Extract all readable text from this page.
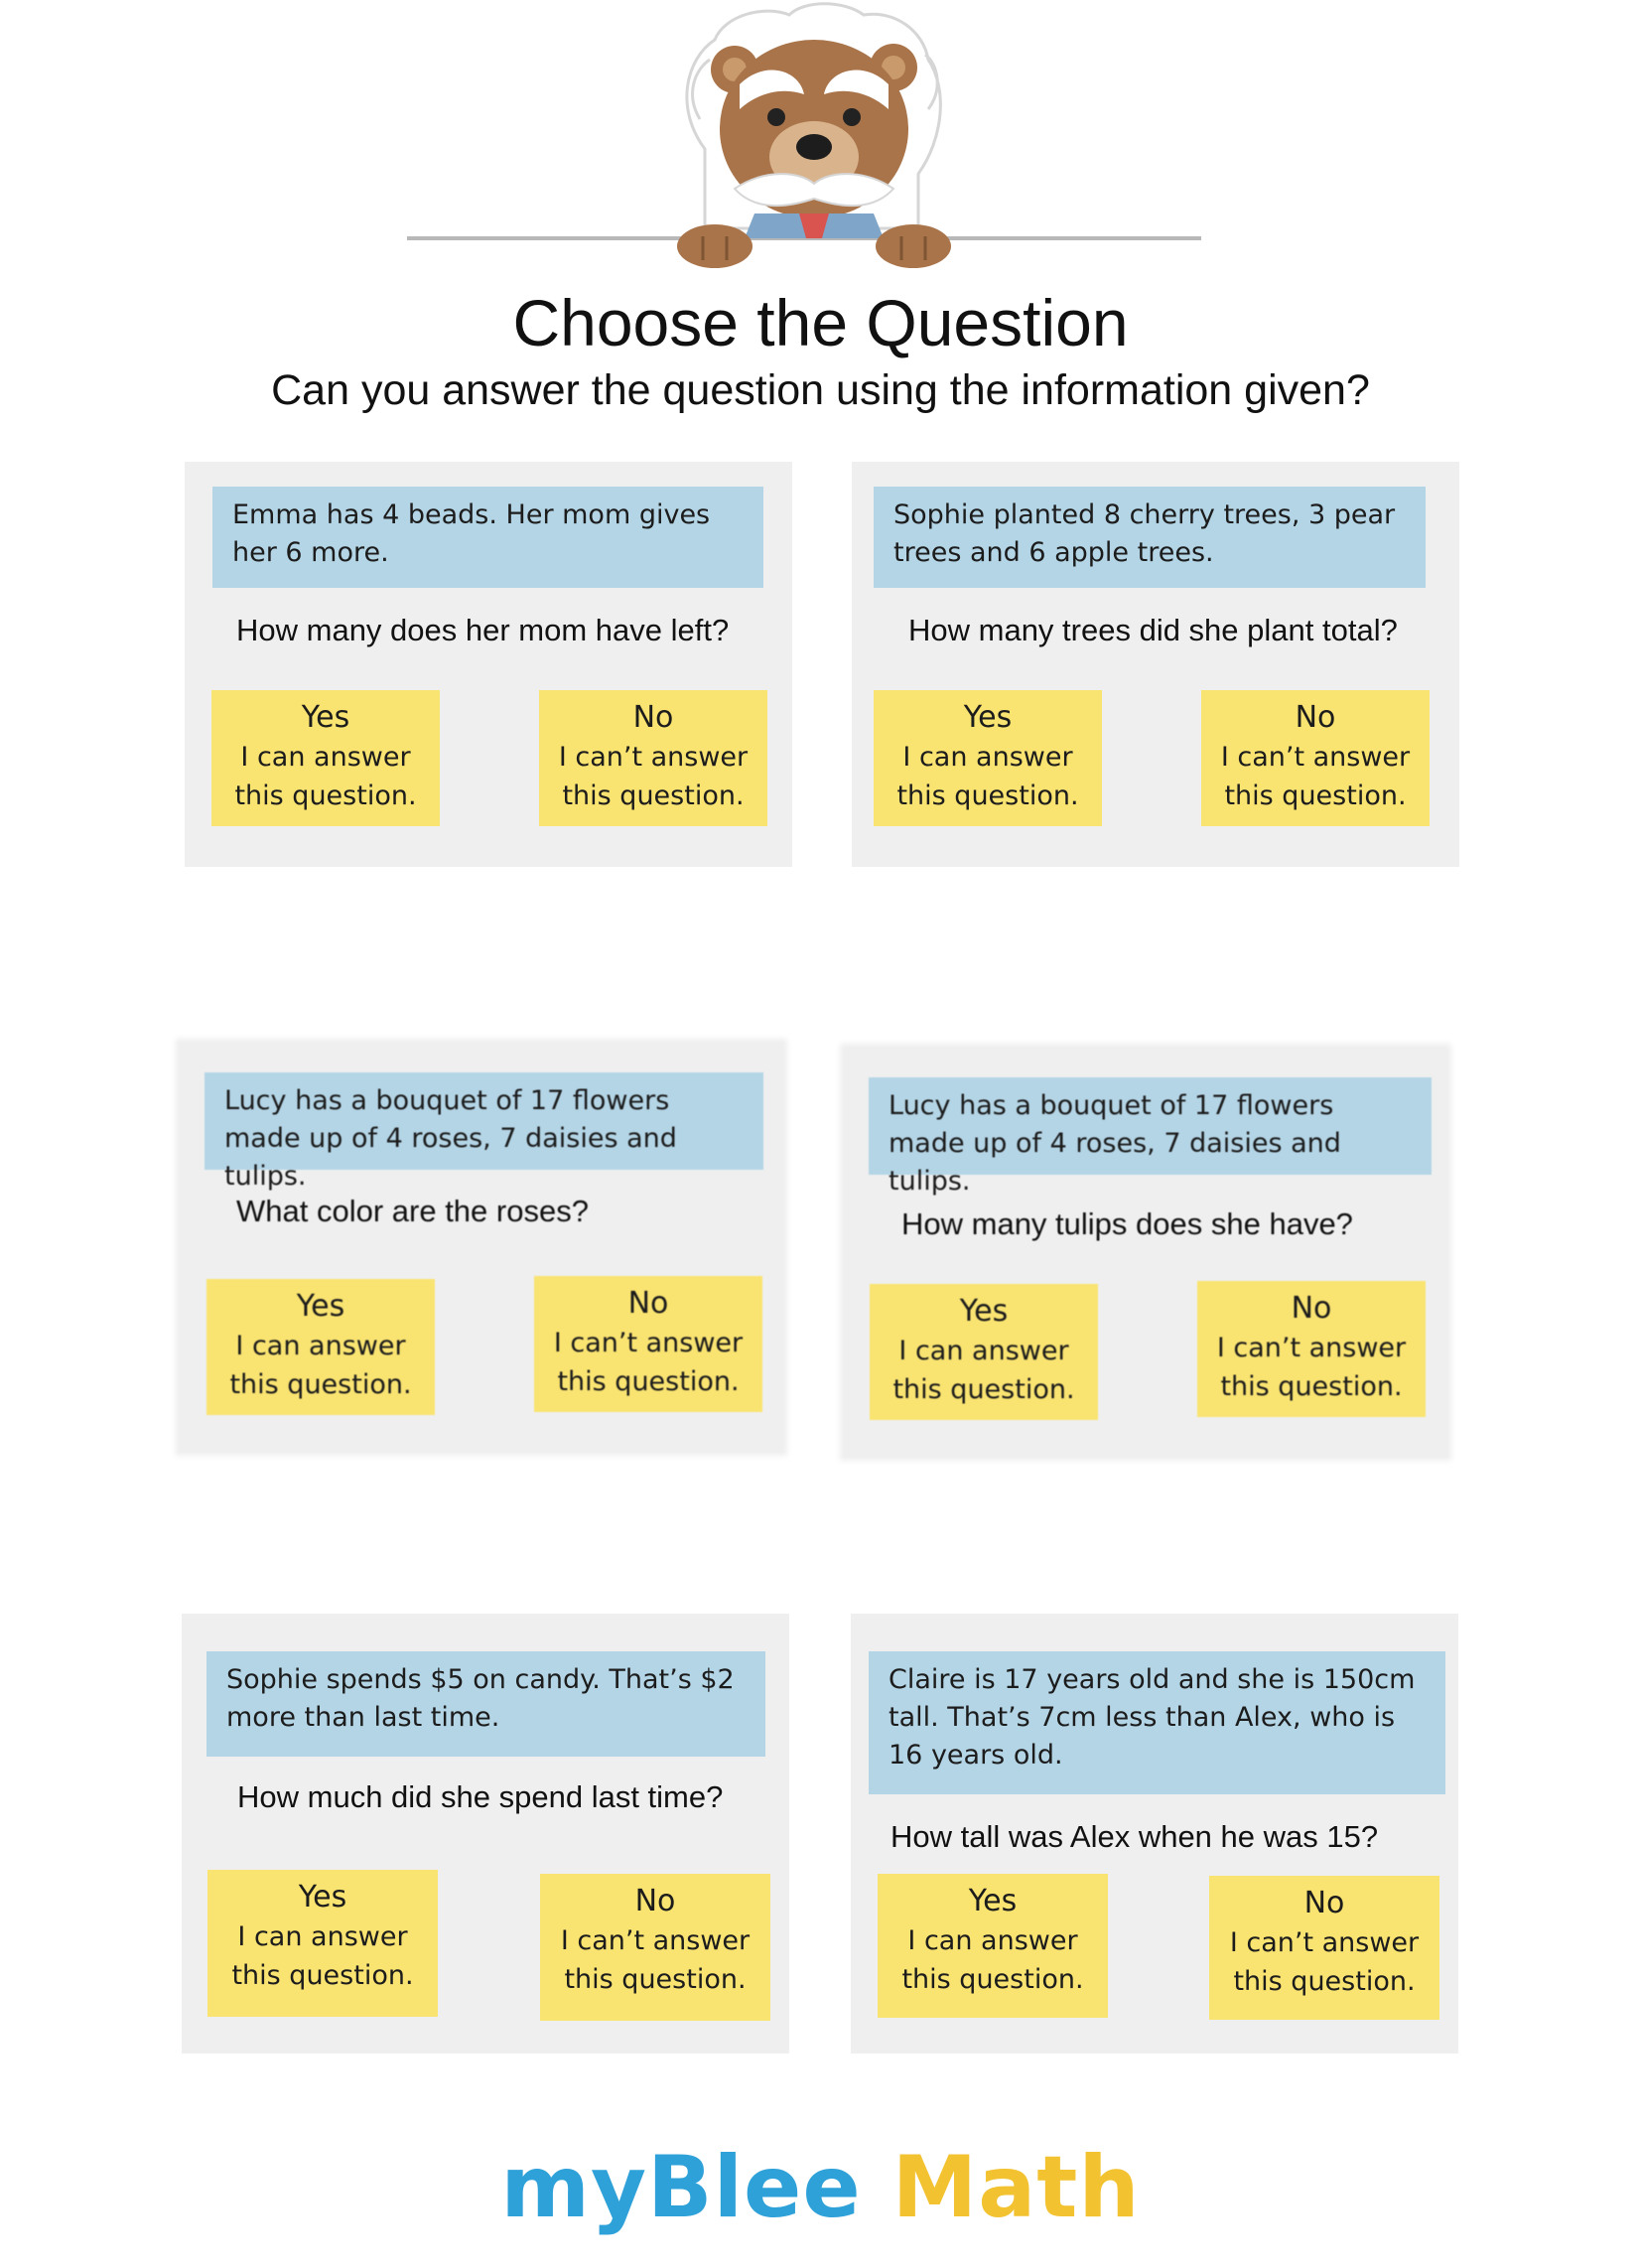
Choose the Question
Can you answer the question using the information given?
Emma has 4 beads. Her mom gives her 6 more.
How many does her mom have left?
Yes
I can answer
this question.
No
I can’t answer
this question.
Sophie planted 8 cherry trees, 3 pear trees and 6 apple trees.
How many trees did she plant total?
Yes
I can answer
this question.
No
I can’t answer
this question.
Lucy has a bouquet of 17 flowers made up of 4 roses, 7 daisies and tulips.
What color are the roses?
Yes
I can answer
this question.
No
I can’t answer
this question.
Lucy has a bouquet of 17 flowers made up of 4 roses, 7 daisies and tulips.
How many tulips does she have?
Yes
I can answer
this question.
No
I can’t answer
this question.
Sophie spends $5 on candy. That’s $2 more than last time.
How much did she spend last time?
Yes
I can answer
this question.
No
I can’t answer
this question.
Claire is 17 years old and she is 150cm tall. That’s 7cm less than Alex, who is 16 years old.
How tall was Alex when he was 15?
Yes
I can answer
this question.
No
I can’t answer
this question.
myBlee Math
